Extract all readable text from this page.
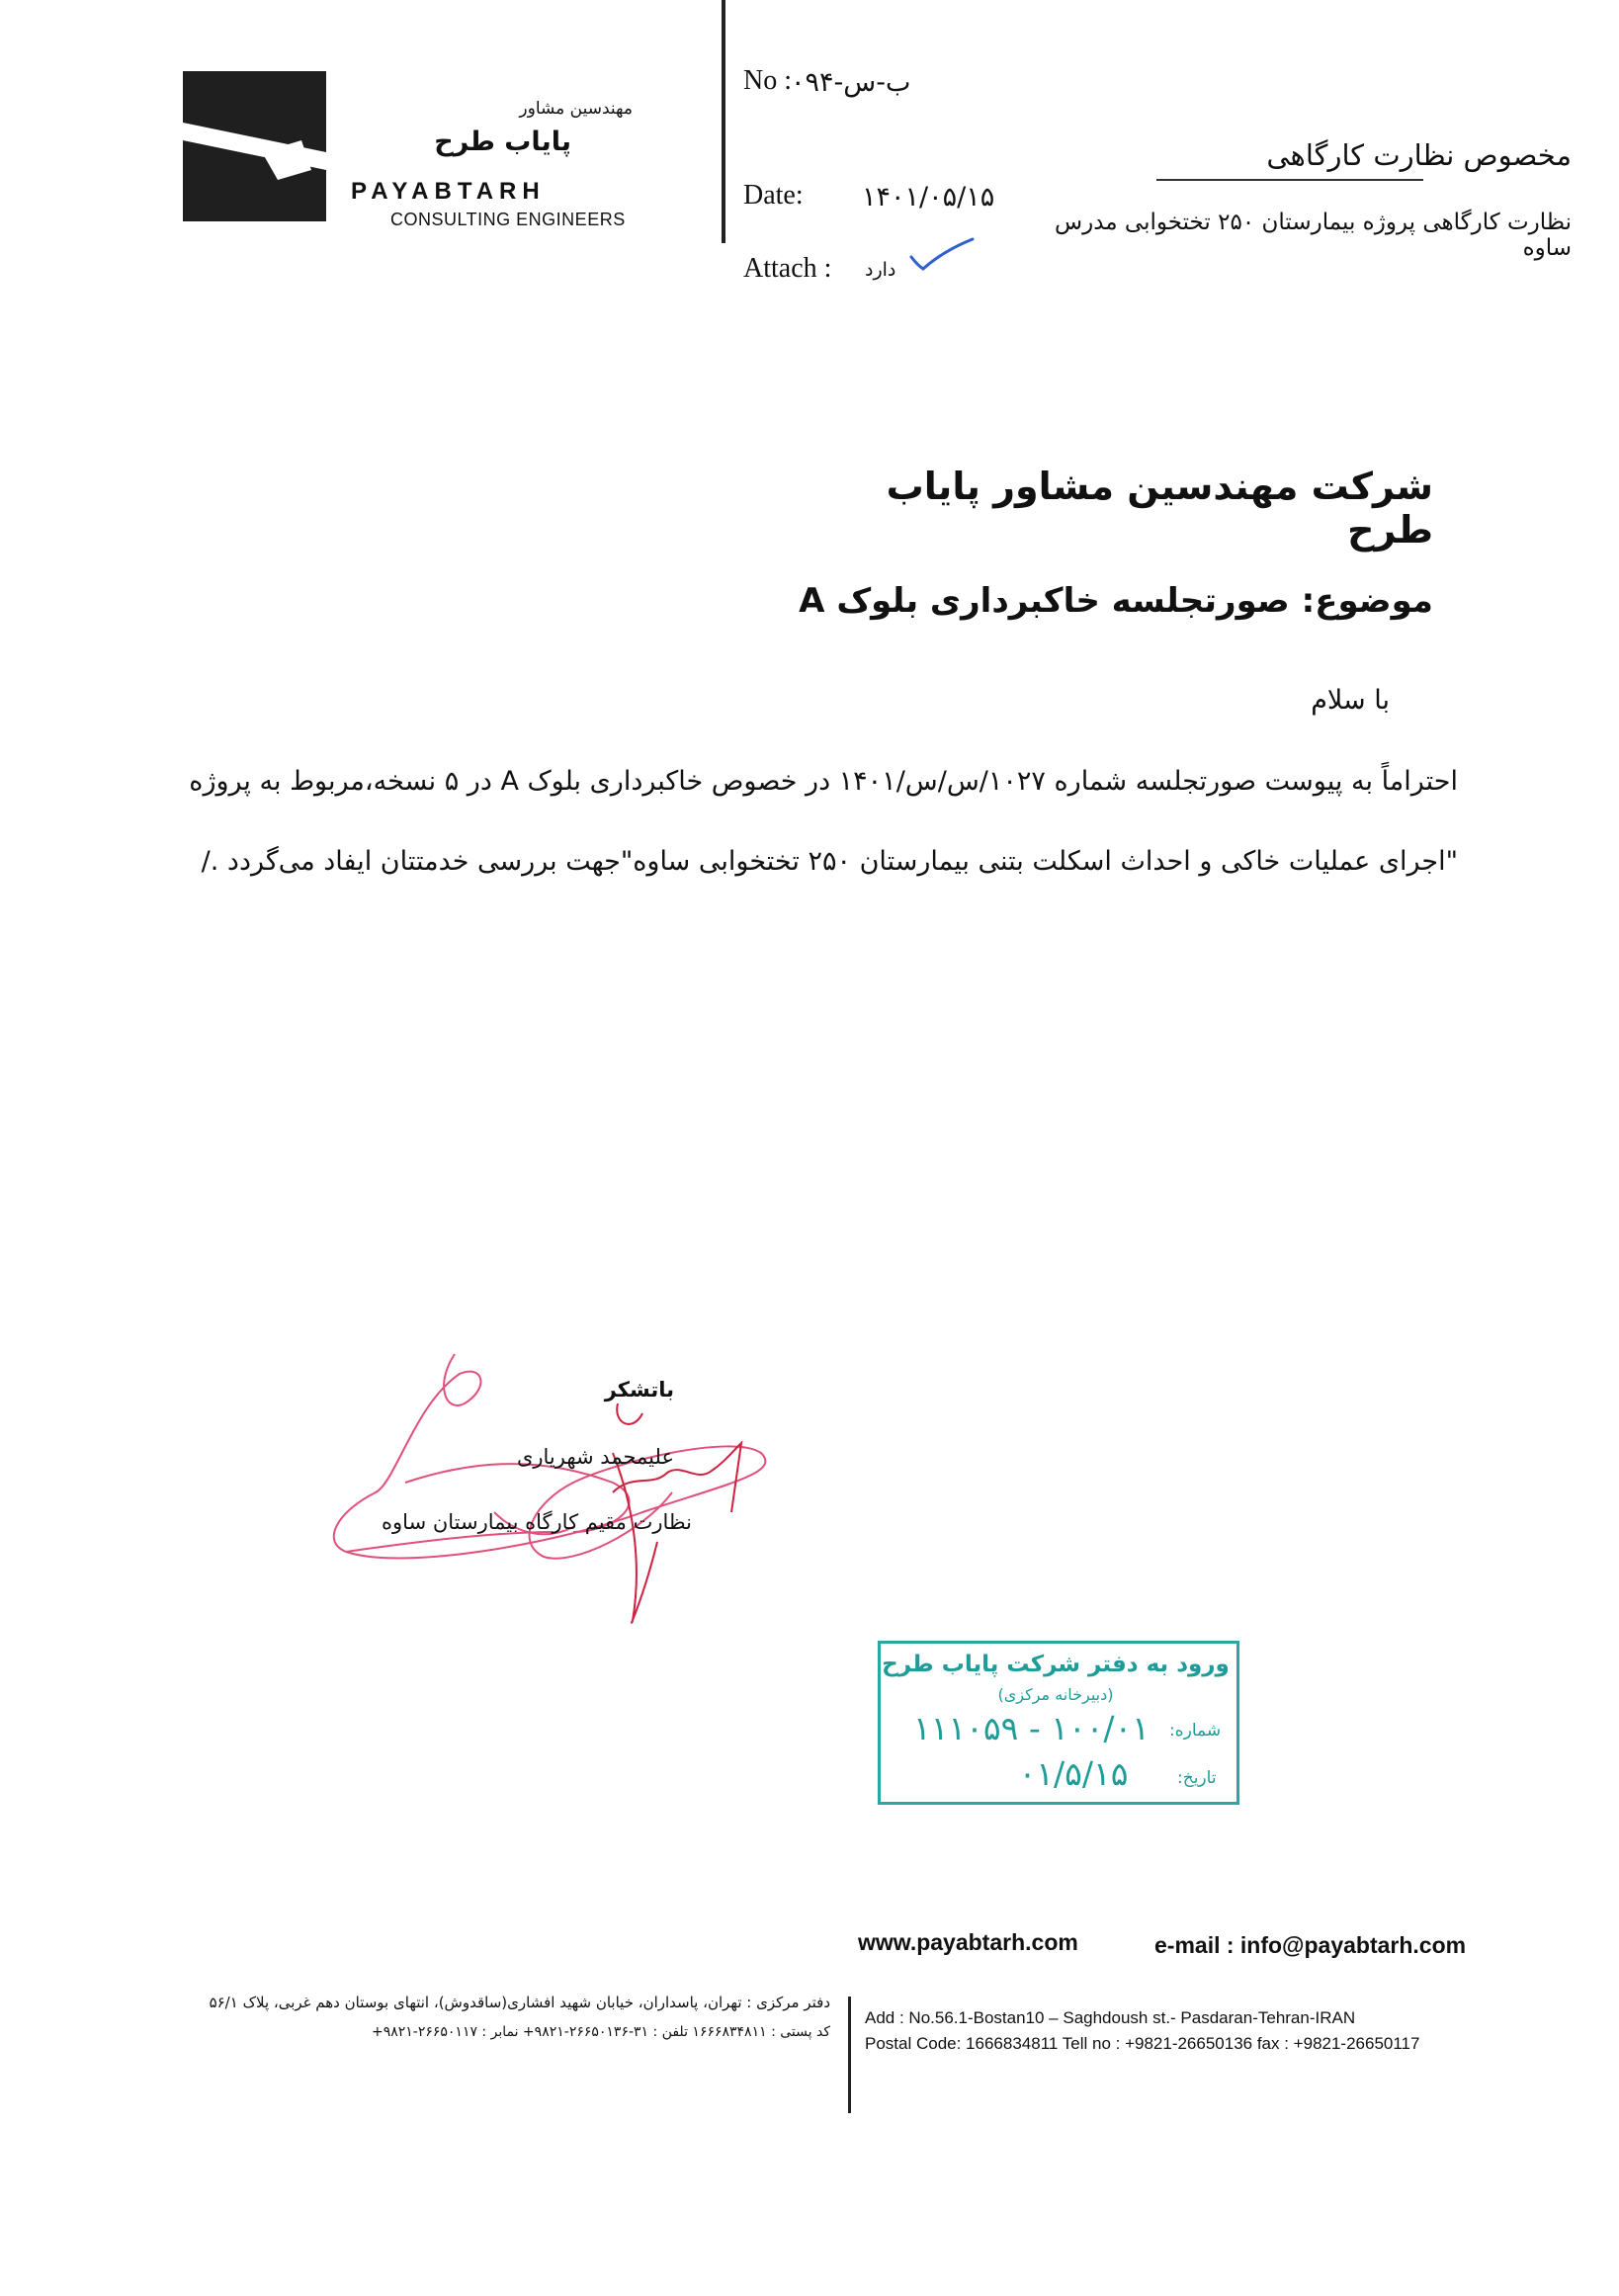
مهندسین مشاور
پایاب طرح
PAYABTARH
CONSULTING ENGINEERS
No : ب-س-۰۹۴
Date: ۱۴۰۱/۰۵/۱۵
Attach : دارد
مخصوص نظارت کارگاهی
نظارت کارگاهی پروژه بیمارستان ۲۵۰ تختخوابی مدرس ساوه
شرکت مهندسین مشاور پایاب طرح
موضوع: صورتجلسه خاکبرداری بلوک A
با سلام
احتراماً به پیوست صورتجلسه شماره ۱۰۲۷/س/س/۱۴۰۱ در خصوص خاکبرداری بلوک A در ۵ نسخه،مربوط به پروژه
"اجرای عملیات خاکی و احداث اسکلت بتنی بیمارستان ۲۵۰ تختخوابی ساوه"جهت بررسی خدمتتان ایفاد می‌گردد ./
باتشکر
علیمحمد شهریاری
نظارت مقیم کارگاه بیمارستان ساوه
ورود به دفتر شرکت پایاب طرح
(دبیرخانه مرکزی)
شماره:
۱۰۰/۰۱ - ۱۱۱۰۵۹
تاریخ:
۰۱/۵/۱۵
www.payabtarh.com	e-mail : info@payabtarh.com
دفتر مرکزی : تهران، پاسداران، خیابان شهید افشاری(ساقدوش)، انتهای بوستان دهم غربی، پلاک ۵۶/۱
کد پستی : ۱۶۶۶۸۳۴۸۱۱ تلفن : ۳۱-۲۶۶۵۰۱۳۶-۹۸۲۱+ نمابر : ۲۶۶۵۰۱۱۷-۹۸۲۱+
Add : No.56.1-Bostan10 – Saghdoush st.- Pasdaran-Tehran-IRAN
Postal Code: 1666834811 Tell no : +9821-26650136 fax : +9821-26650117
